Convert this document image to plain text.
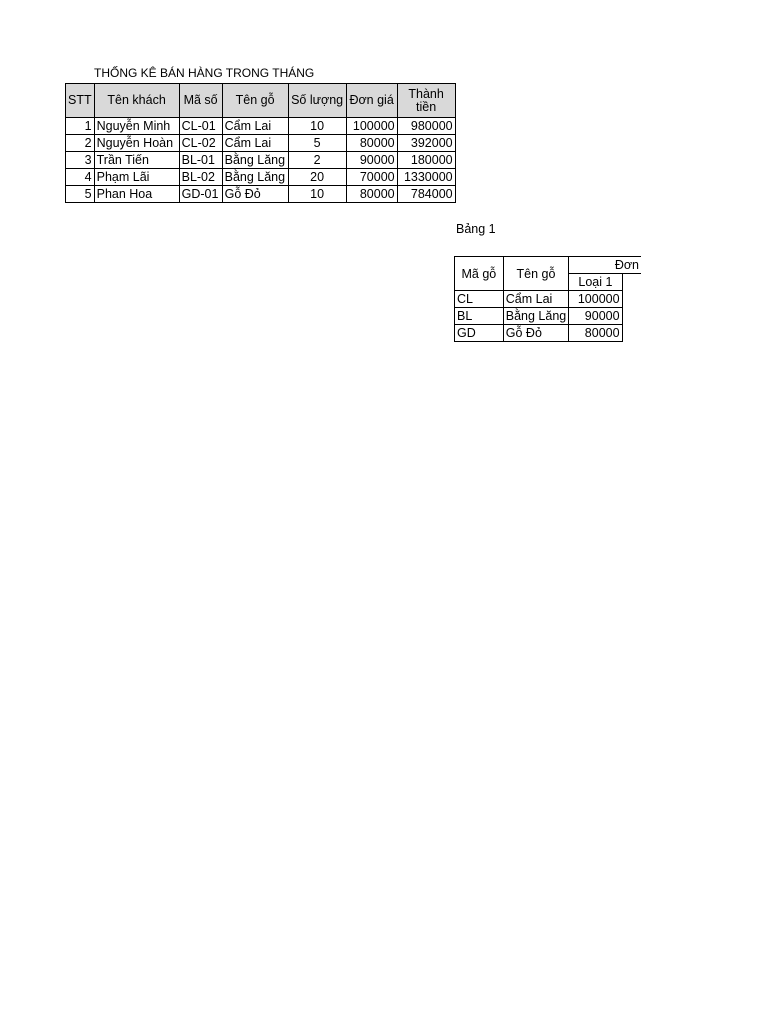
THỐNG KÊ BÁN HÀNG TRONG THÁNG
STT	Tên khách	Mã số	Tên gỗ	Số lượng	Đơn giá	Thành tiền
1	Nguyễn Minh	CL-01	Cẩm Lai	10	100000	980000
2	Nguyễn Hoàn	CL-02	Cẩm Lai	5	80000	392000
3	Trần Tiến	BL-01	Bằng Lăng	2	90000	180000
4	Phạm Lãi	BL-02	Bằng Lăng	20	70000	1330000
5	Phan Hoa	GD-01	Gỗ Đỏ	10	80000	784000
Bảng 1
Mã gỗ	Tên gỗ	Đơn	
		Loại 1	
CL	Cẩm Lai	100000	
BL	Bằng Lăng	90000	
GD	Gỗ Đỏ	80000	
